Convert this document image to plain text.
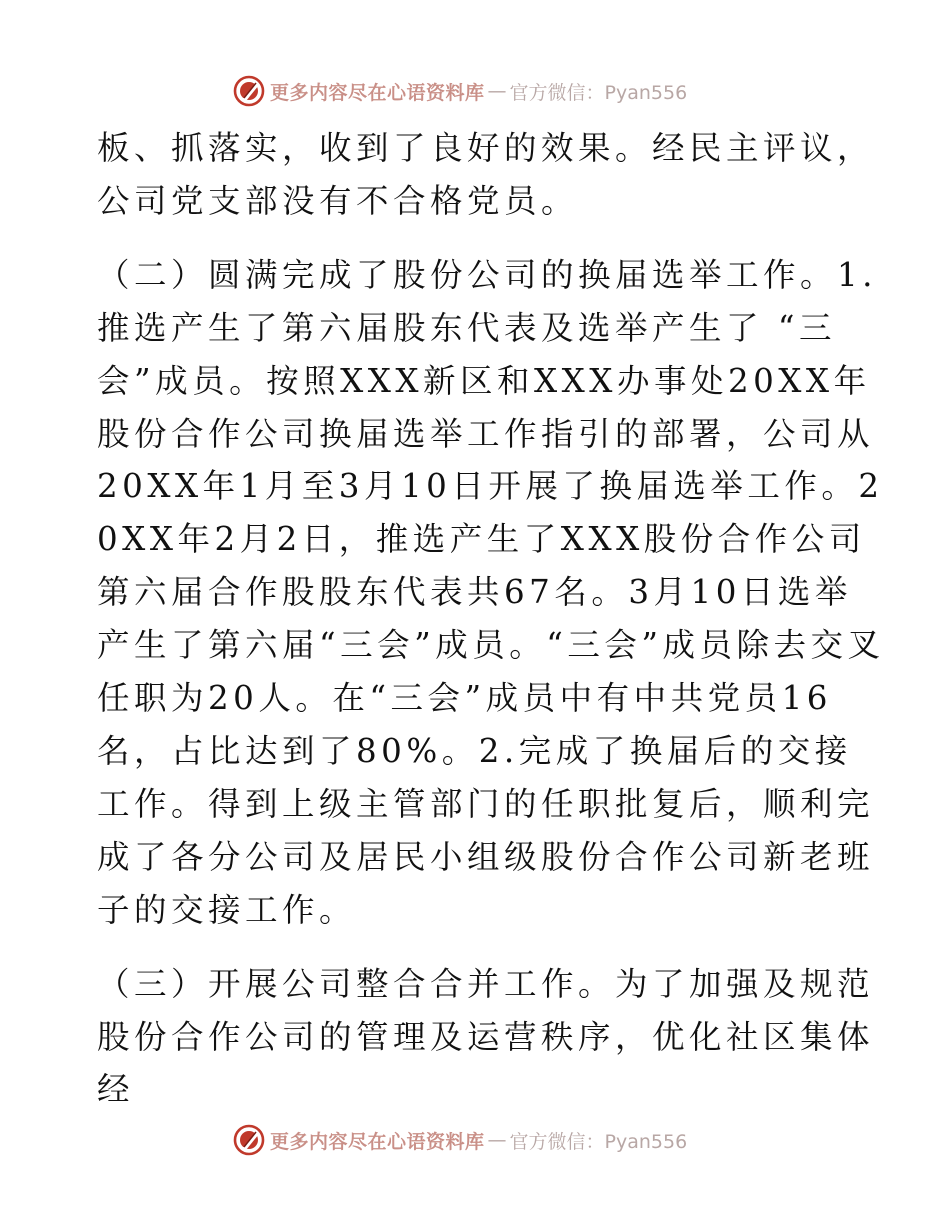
更多内容尽在心语资料库 — 官方微信：Pyan556

板、抓落实，收到了良好的效果。经民主评议，公司党支部没有不合格党员。

（二）圆满完成了股份公司的换届选举工作。1.推选产生了第六届股东代表及选举产生了 “三会”成员。按照XXX新区和XXX办事处20XX年股份合作公司换届选举工作指引的部署，公司从20XX年1月至3月10日开展了换届选举工作。20XX年2月2日，推选产生了XXX股份合作公司第六届合作股股东代表共67名。3月10日选举产生了第六届“三会”成员。“三会”成员除去交叉任职为20人。在“三会”成员中有中共党员16名，占比达到了80%。2.完成了换届后的交接工作。得到上级主管部门的任职批复后，顺利完成了各分公司及居民小组级股份合作公司新老班子的交接工作。

（三）开展公司整合合并工作。为了加强及规范股份合作公司的管理及运营秩序，优化社区集体经

更多内容尽在心语资料库 — 官方微信：Pyan556
